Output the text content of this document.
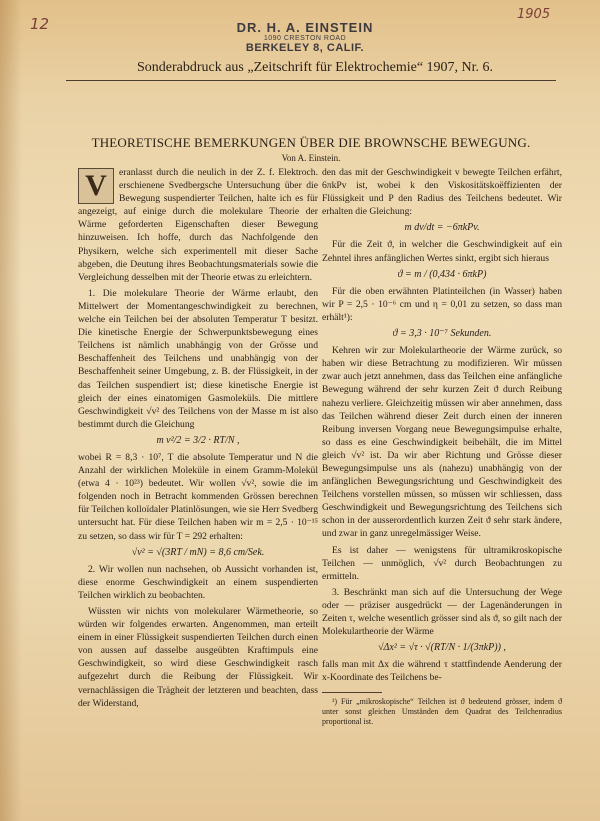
12
1905
DR. H. A. EINSTEIN
1090 CRESTON ROAD
BERKELEY 8, CALIF.
Sonderabdruck aus „Zeitschrift für Elektrochemie“ 1907, Nr. 6.
THEORETISCHE BEMERKUNGEN ÜBER DIE BROWNSCHE BEWEGUNG.
Von A. Einstein.

V	eranlasst durch die neulich in der Z. f. Elektroch. erschienene Svedbergsche Untersuchung über die Bewegung suspendierter Teilchen, halte ich es für angezeigt, auf einige durch die molekulare Theorie der Wärme geforderten Eigenschaften dieser Bewegung hinzuweisen. Ich hoffe, durch das Nachfolgende den Physikern, welche sich experimentell mit dieser Sache abgeben, die Deutung ihres Beobachtungsmaterials sowie die Vergleichung desselben mit der Theorie etwas zu erleichtern.

1. Die molekulare Theorie der Wärme erlaubt, den Mittelwert der Momentangeschwindigkeit zu berechnen, welche ein Teilchen bei der absoluten Temperatur T besitzt. Die kinetische Energie der Schwerpunktsbewegung eines Teilchens ist nämlich unabhängig von der Grösse und Beschaffenheit des Teilchens und unabhängig von der Beschaffenheit seiner Umgebung, z. B. der Flüssigkeit, in der das Teilchen suspendiert ist; diese kinetische Energie ist gleich der eines einatomigen Gasmoleküls. Die mittlere Geschwindigkeit √v² des Teilchens von der Masse m ist also bestimmt durch die Gleichung

m v²/2 = 3/2 · RT/N ,

wobei R = 8,3 · 10⁷, T die absolute Temperatur und N die Anzahl der wirklichen Moleküle in einem Gramm-Molekül (etwa 4 · 10²³) bedeutet. Wir wollen √v², sowie die im folgenden noch in Betracht kommenden Grössen berechnen für Teilchen kolloïdaler Platinlösungen, wie sie Herr Svedberg untersucht hat. Für diese Teilchen haben wir m = 2,5 · 10⁻¹⁵ zu setzen, so dass wir für T = 292 erhalten:

√v² = √(3RT / mN) = 8,6 cm/Sek.

2. Wir wollen nun nachsehen, ob Aussicht vorhanden ist, diese enorme Geschwindigkeit an einem suspendierten Teilchen wirklich zu beobachten.

Wüssten wir nichts von molekularer Wärmetheorie, so würden wir folgendes erwarten. Angenommen, man erteilt einem in einer Flüssigkeit suspendierten Teilchen durch einen von aussen auf dasselbe ausgeübten Kraftimpuls eine Geschwindigkeit, so wird diese Geschwindigkeit rasch aufgezehrt durch die Reibung der Flüssigkeit. Wir vernachlässigen die Trägheit der letzteren und beachten, dass der Widerstand,

den das mit der Geschwindigkeit v bewegte Teilchen erfährt, 6πkPv ist, wobei k den Viskositätskoëffizienten der Flüssigkeit und P den Radius des Teilchens bedeutet. Wir erhalten die Gleichung:

m dv/dt = −6πkPv.

Für die Zeit ϑ, in welcher die Geschwindigkeit auf ein Zehntel ihres anfänglichen Wertes sinkt, ergibt sich hieraus

ϑ = m / (0,434 · 6πkP)

Für die oben erwähnten Platinteilchen (in Wasser) haben wir P = 2,5 · 10⁻⁶ cm und η = 0,01 zu setzen, so dass man erhält¹):

ϑ = 3,3 · 10⁻⁷ Sekunden.

Kehren wir zur Molekulartheorie der Wärme zurück, so haben wir diese Betrachtung zu modifizieren. Wir müssen zwar auch jetzt annehmen, dass das Teilchen eine anfängliche Bewegung während der sehr kurzen Zeit ϑ durch Reibung nahezu verliere. Gleichzeitig müssen wir aber annehmen, dass das Teilchen während dieser Zeit durch einen der inneren Reibung inversen Vorgang neue Bewegungsimpulse erhalte, so dass es eine Geschwindigkeit beibehält, die im Mittel gleich √v² ist. Da wir aber Richtung und Grösse dieser Bewegungsimpulse uns als (nahezu) unabhängig von der anfänglichen Bewegungsrichtung und Geschwindigkeit des Teilchens vorstellen müssen, so müssen wir schliessen, dass Geschwindigkeit und Bewegungsrichtung des Teilchens sich schon in der ausserordentlich kurzen Zeit ϑ sehr stark ändere, und zwar in ganz unregelmässiger Weise.

Es ist daher — wenigstens für ultramikroskopische Teilchen — unmöglich, √v² durch Beobachtungen zu ermitteln.

3. Beschränkt man sich auf die Untersuchung der Wege oder — präziser ausgedrückt — der Lagenänderungen in Zeiten τ, welche wesentlich grösser sind als ϑ, so gilt nach der Molekulartheorie der Wärme

√Δx² = √τ · √(RT/N · 1/(3πkP)) ,

falls man mit Δx die während τ stattfindende Aenderung der x-Koordinate des Teilchens be-

¹) Für „mikroskopische“ Teilchen ist ϑ bedeutend grösser, indem ϑ unter sonst gleichen Umständen dem Quadrat des Teilchenradius proportional ist.
